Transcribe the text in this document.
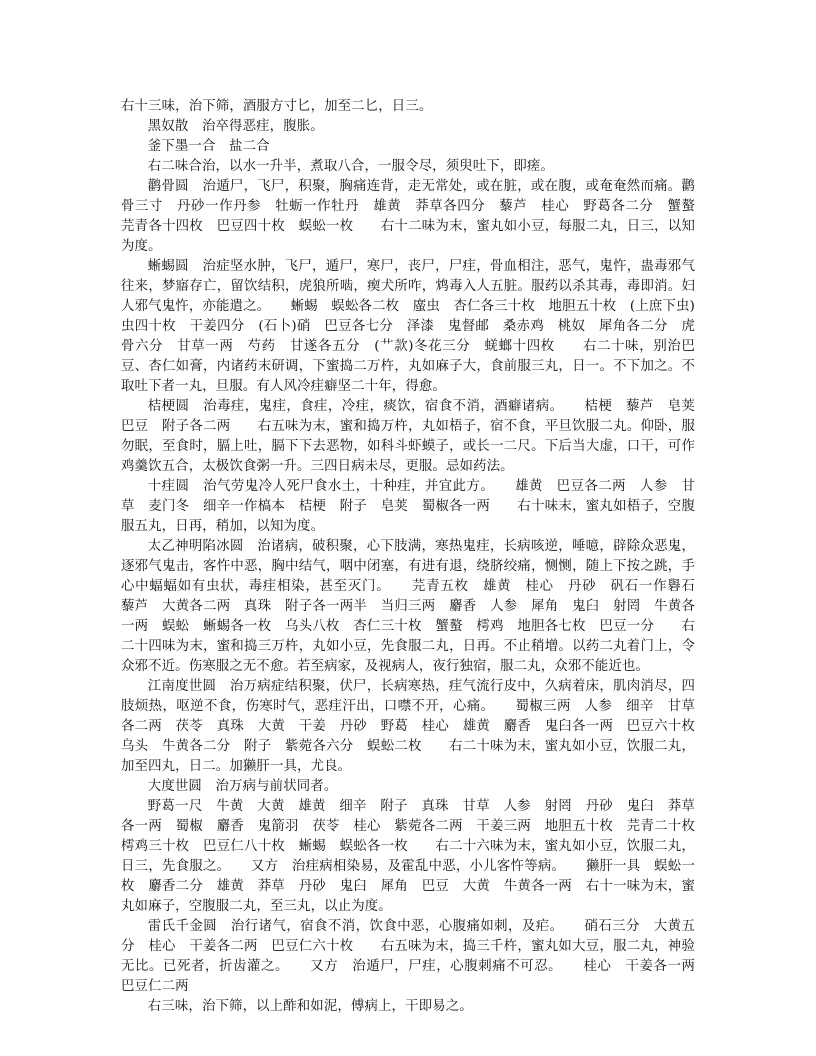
右十三味，治下筛，酒服方寸匕，加至二匕，日三。

黑奴散　治卒得恶疰，腹胀。

釜下墨一合　盐二合

右二味合治，以水一升半，煮取八合，一服令尽，须臾吐下，即瘥。

鹳骨圆　治遁尸，飞尸，积聚，胸痛连背，走无常处，或在脏，或在腹，或奄奄然而痛。鹳骨三寸　丹砂一作丹参　牡蛎一作牡丹　雄黄　莽草各四分　藜芦　桂心　野葛各二分　蟹螯　芫青各十四枚　巴豆四十枚　蜈蚣一枚　　右十二味为末，蜜丸如小豆，每服二丸，日三，以知为度。

蜥蜴圆　治症坚水肿，飞尸，遁尸，寒尸，丧尸，尸疰，骨血相注，恶气，鬼忤，蛊毒邪气往来，梦寤存亡，留饮结积，虎狼所啮，瘈犬所咋，鸩毒入人五脏。服药以杀其毒，毒即消。妇人邪气鬼忤，亦能遣之。　　蜥蜴　蜈蚣各二枚　䗪虫　杏仁各三十枚　地胆五十枚　(上庶下虫)虫四十枚　干姜四分　(石卜)硝　巴豆各七分　泽漆　鬼督邮　桑赤鸡　桃奴　犀角各二分　虎骨六分　甘草一两　芍药　甘遂各五分　(艹款)冬花三分　蜣螂十四枚　　右二十味，别治巴豆、杏仁如膏，内诸药末研调，下蜜捣二万杵，丸如麻子大，食前服三丸，日一。不下加之。不取吐下者一丸，旦服。有人风冷疰癖坚二十年，得愈。

桔梗圆　治毒疰，鬼疰，食疰，冷疰，痰饮，宿食不消，酒癖诸病。　　桔梗　藜芦　皂荚　巴豆　附子各二两　　右五味为末，蜜和捣万杵，丸如梧子，宿不食，平旦饮服二丸。仰卧，服勿眠，至食时，膈上吐，膈下下去恶物，如科斗虾蟆子，或长一二尺。下后当大虚，口干，可作鸡羹饮五合，太极饮食粥一升。三四日病未尽，更服。忌如药法。

十疰圆　治气劳鬼冷人死尸食水土，十种疰，并宜此方。　　雄黄　巴豆各二两　人参　甘草　麦门冬　细辛一作槁本　桔梗　附子　皂荚　蜀椒各一两　　右十味末，蜜丸如梧子，空腹服五丸，日再，稍加，以知为度。

太乙神明陷冰圆　治诸病，破积聚，心下肢满，寒热鬼疰，长病咳逆，唾噫，辟除众恶鬼，逐邪气鬼击，客忤中恶，胸中结气，咽中闭塞，有进有退，绕脐绞痛，恻恻，随上下按之跳，手心中蝠蝠如有虫状，毒疰相染，甚至灭门。　　芫青五枚　雄黄　桂心　丹砂　矾石一作礜石　藜芦　大黄各二两　真珠　附子各一两半　当归三两　麝香　人参　犀角　鬼臼　射罔　牛黄各一两　蜈蚣　蜥蜴各一枚　乌头八枚　杏仁三十枚　蟹螯　樗鸡　地胆各七枚　巴豆一分　　右二十四味为末，蜜和捣三万杵，丸如小豆，先食服二丸，日再。不止稍增。以药二丸着门上，令众邪不近。伤寒服之无不愈。若至病家，及视病人，夜行独宿，服二丸，众邪不能近也。

江南度世圆　治万病症结积聚，伏尸，长病寒热，疰气流行皮中，久病着床，肌肉消尽，四肢烦热，呕逆不食，伤寒时气，恶疰汗出，口噤不开，心痛。　　蜀椒三两　人参　细辛　甘草各二两　茯苓　真珠　大黄　干姜　丹砂　野葛　桂心　雄黄　麝香　鬼臼各一两　巴豆六十枚　乌头　牛黄各二分　附子　紫菀各六分　蜈蚣二枚　　右二十味为末，蜜丸如小豆，饮服二丸，加至四丸，日二。加獭肝一具，尤良。

大度世圆　治万病与前状同者。

野葛一尺　牛黄　大黄　雄黄　细辛　附子　真珠　甘草　人参　射罔　丹砂　鬼臼　莽草各一两　蜀椒　麝香　鬼箭羽　茯苓　桂心　紫菀各二两　干姜三两　地胆五十枚　芫青二十枚　樗鸡三十枚　巴豆仁八十枚　蜥蜴　蜈蚣各一枚　　右二十六味为末，蜜丸如小豆，饮服二丸，日三，先食服之。　　又方　治疰病相染易，及霍乱中恶，小儿客忤等病。　　獭肝一具　蜈蚣一枚　麝香二分　雄黄　莽草　丹砂　鬼臼　犀角　巴豆　大黄　牛黄各一两　右十一味为末，蜜丸如麻子，空腹服二丸，至三丸，以止为度。

雷氏千金圆　治行诸气，宿食不消，饮食中恶，心腹痛如刺，及疟。　　硝石三分　大黄五分　桂心　干姜各二两　巴豆仁六十枚　　右五味为末，捣三千杵，蜜丸如大豆，服二丸，神验无比。已死者，折齿灌之。　　又方　治遁尸，尸疰，心腹刺痛不可忍。　　桂心　干姜各一两　巴豆仁二两

右三味，治下筛，以上酢和如泥，傅病上，干即易之。
